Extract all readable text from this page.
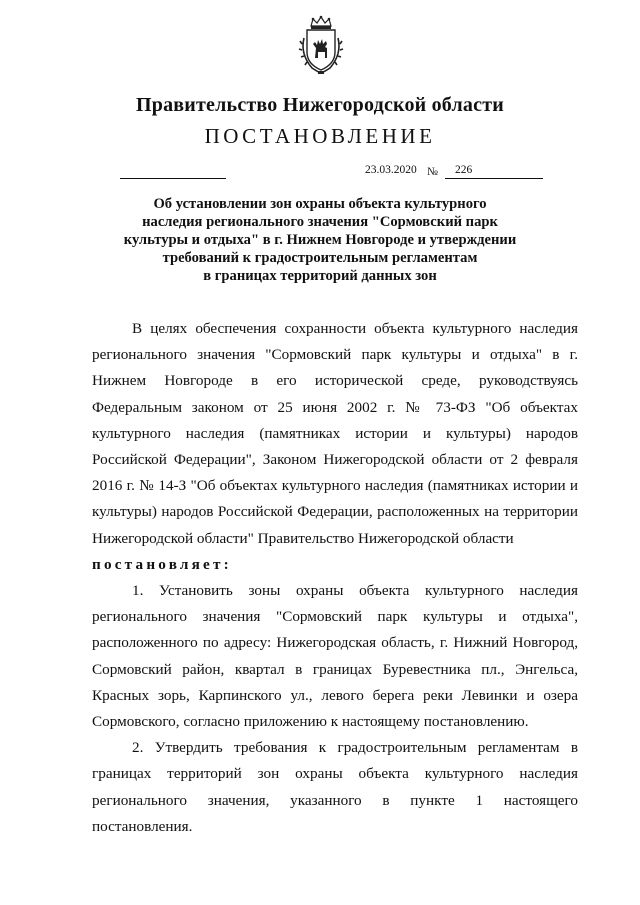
Правительство Нижегородской области
ПОСТАНОВЛЕНИЕ
23.03.2020 № 226
Об установлении зон охраны объекта культурного
наследия регионального значения "Сормовский парк
культуры и отдыха" в г. Нижнем Новгороде и утверждении
требований к градостроительным регламентам
в границах территорий данных зон

В целях обеспечения сохранности объекта культурного наследия регионального значения "Сормовский парк культуры и отдыха" в г. Нижнем Новгороде в его исторической среде, руководствуясь Федеральным законом от 25 июня 2002 г. № 73-ФЗ "Об объектах культурного наследия (памятниках истории и культуры) народов Российской Федерации", Законом Нижегородской области от 2 февраля 2016 г. № 14-З "Об объектах культурного наследия (памятниках истории и культуры) народов Российской Федерации, расположенных на территории Нижегородской области" Правительство Нижегородской области

постановляет:

1. Установить зоны охраны объекта культурного наследия регионального значения "Сормовский парк культуры и отдыха", расположенного по адресу: Нижегородская область, г. Нижний Новгород, Сормовский район, квартал в границах Буревестника пл., Энгельса, Красных зорь, Карпинского ул., левого берега реки Левинки и озера Сормовского, согласно приложению к настоящему постановлению.

2. Утвердить требования к градостроительным регламентам в границах территорий зон охраны объекта культурного наследия регионального значения, указанного в пункте 1 настоящего постановления.
